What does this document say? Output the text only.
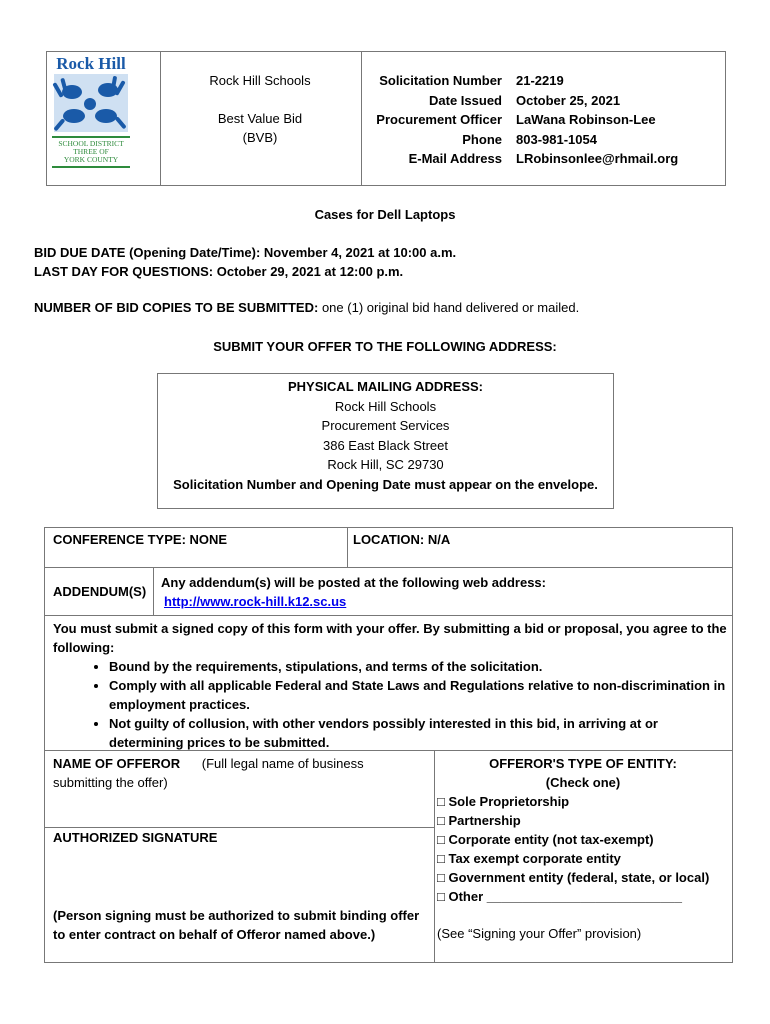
Rock Hill
SCHOOL DISTRICT
THREE OF
YORK COUNTY
Rock Hill Schools
Best Value Bid
(BVB)
Solicitation Number
Date Issued
Procurement Officer
Phone
E-Mail Address
21-2219
October 25, 2021
LaWana Robinson-Lee
803-981-1054
LRobinsonlee@rhmail.org
Cases for Dell Laptops
BID DUE DATE (Opening Date/Time): November 4, 2021 at 10:00 a.m.
LAST DAY FOR QUESTIONS: October 29, 2021 at 12:00 p.m.
NUMBER OF BID COPIES TO BE SUBMITTED: one (1) original bid hand delivered or mailed.
SUBMIT YOUR OFFER TO THE FOLLOWING ADDRESS:
PHYSICAL MAILING ADDRESS:
Rock Hill Schools
Procurement Services
386 East Black Street
Rock Hill, SC 29730
Solicitation Number and Opening Date must appear on the envelope.
CONFERENCE TYPE: NONE	LOCATION: N/A
ADDENDUM(S)
Any addendum(s) will be posted at the following web address:
http://www.rock-hill.k12.sc.us
You must submit a signed copy of this form with your offer. By submitting a bid or proposal, you agree to the following:
• Bound by the requirements, stipulations, and terms of the solicitation.
• Comply with all applicable Federal and State Laws and Regulations relative to non-discrimination in employment practices.
• Not guilty of collusion, with other vendors possibly interested in this bid, in arriving at or determining prices to be submitted.
NAME OF OFFEROR (Full legal name of business
submitting the offer)
AUTHORIZED SIGNATURE
(Person signing must be authorized to submit binding offer to enter contract on behalf of Offeror named above.)
OFFEROR'S TYPE OF ENTITY:
(Check one)
□ Sole Proprietorship
□ Partnership
□ Corporate entity (not tax-exempt)
□ Tax exempt corporate entity
□ Government entity (federal, state, or local)
□ Other ___________________________
(See “Signing your Offer” provision)
